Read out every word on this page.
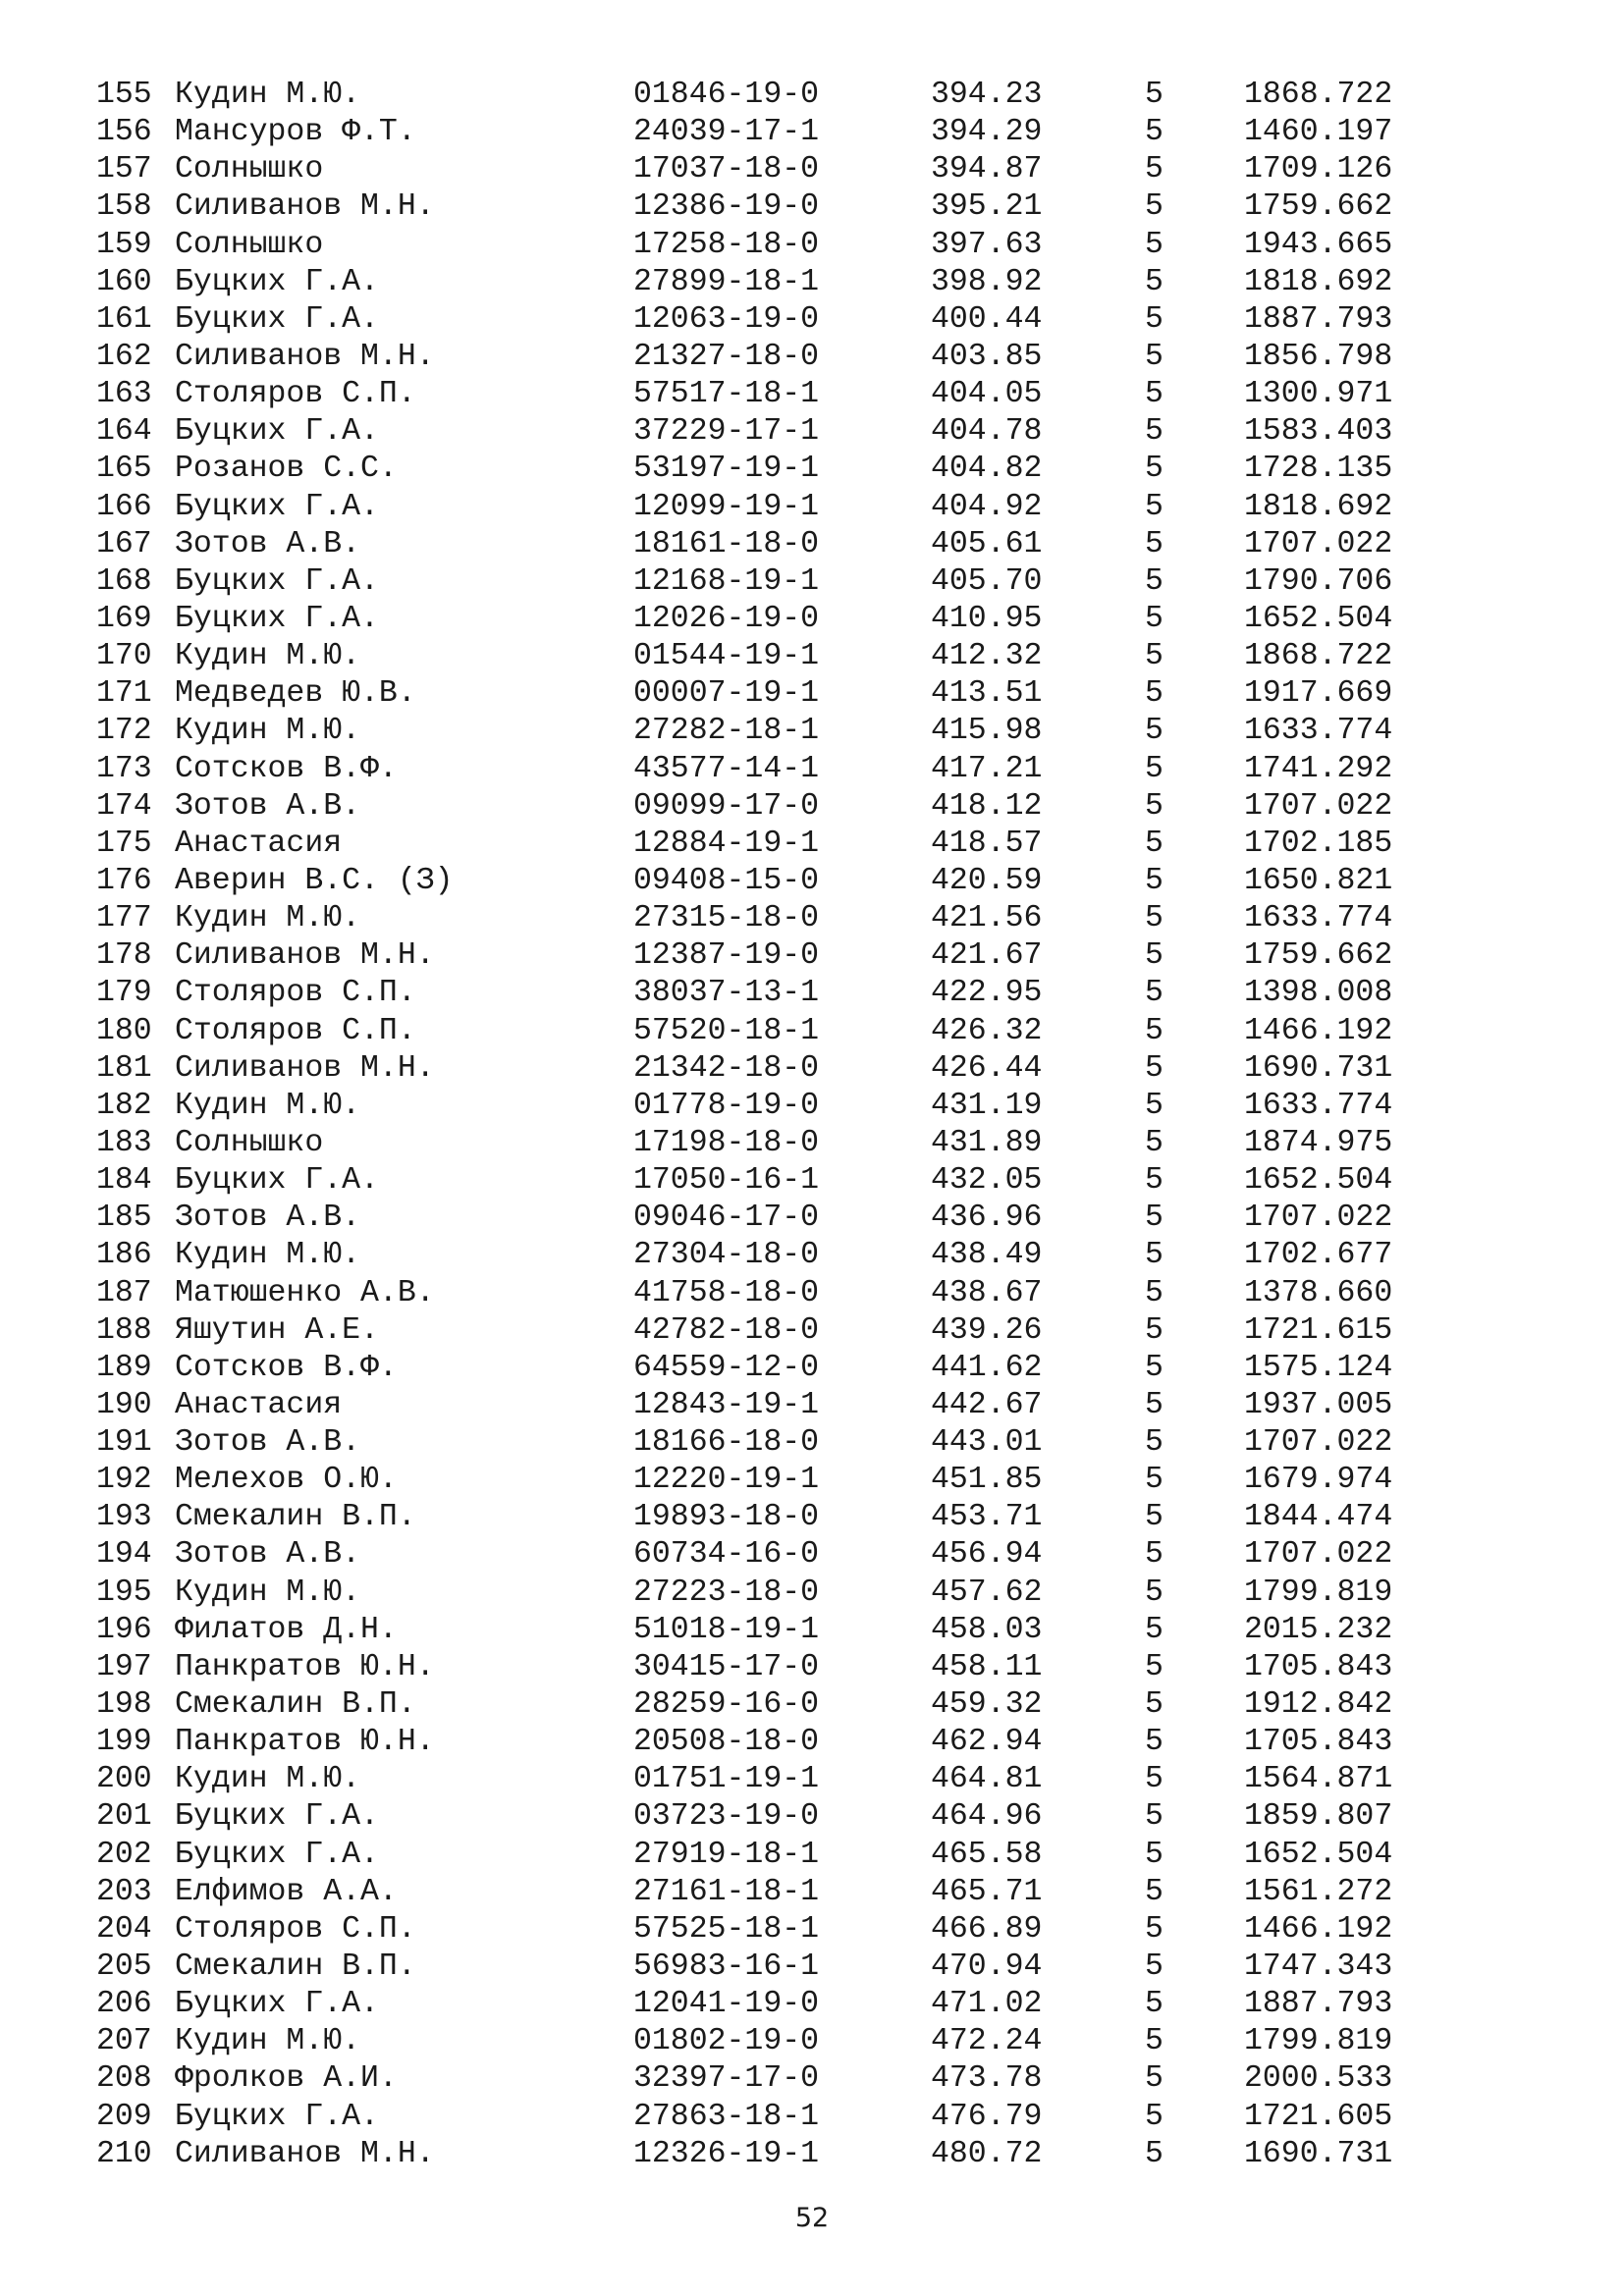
155 Кудин М.Ю.	01846-19-0	394.23	5	1868.722
156 Мансуров Ф.Т.	24039-17-1	394.29	5	1460.197
157 Солнышко	17037-18-0	394.87	5	1709.126
158 Силиванов М.Н.	12386-19-0	395.21	5	1759.662
159 Солнышко	17258-18-0	397.63	5	1943.665
160 Буцких Г.А.	27899-18-1	398.92	5	1818.692
161 Буцких Г.А.	12063-19-0	400.44	5	1887.793
162 Силиванов М.Н.	21327-18-0	403.85	5	1856.798
163 Столяров С.П.	57517-18-1	404.05	5	1300.971
164 Буцких Г.А.	37229-17-1	404.78	5	1583.403
165 Розанов С.С.	53197-19-1	404.82	5	1728.135
166 Буцких Г.А.	12099-19-1	404.92	5	1818.692
167 Зотов А.В.	18161-18-0	405.61	5	1707.022
168 Буцких Г.А.	12168-19-1	405.70	5	1790.706
169 Буцких Г.А.	12026-19-0	410.95	5	1652.504
170 Кудин М.Ю.	01544-19-1	412.32	5	1868.722
171 Медведев Ю.В.	00007-19-1	413.51	5	1917.669
172 Кудин М.Ю.	27282-18-1	415.98	5	1633.774
173 Сотсков В.Ф.	43577-14-1	417.21	5	1741.292
174 Зотов А.В.	09099-17-0	418.12	5	1707.022
175 Анастасия	12884-19-1	418.57	5	1702.185
176 Аверин В.С. (З)	09408-15-0	420.59	5	1650.821
177 Кудин М.Ю.	27315-18-0	421.56	5	1633.774
178 Силиванов М.Н.	12387-19-0	421.67	5	1759.662
179 Столяров С.П.	38037-13-1	422.95	5	1398.008
180 Столяров С.П.	57520-18-1	426.32	5	1466.192
181 Силиванов М.Н.	21342-18-0	426.44	5	1690.731
182 Кудин М.Ю.	01778-19-0	431.19	5	1633.774
183 Солнышко	17198-18-0	431.89	5	1874.975
184 Буцких Г.А.	17050-16-1	432.05	5	1652.504
185 Зотов А.В.	09046-17-0	436.96	5	1707.022
186 Кудин М.Ю.	27304-18-0	438.49	5	1702.677
187 Матюшенко А.В.	41758-18-0	438.67	5	1378.660
188 Яшутин А.Е.	42782-18-0	439.26	5	1721.615
189 Сотсков В.Ф.	64559-12-0	441.62	5	1575.124
190 Анастасия	12843-19-1	442.67	5	1937.005
191 Зотов А.В.	18166-18-0	443.01	5	1707.022
192 Мелехов О.Ю.	12220-19-1	451.85	5	1679.974
193 Смекалин В.П.	19893-18-0	453.71	5	1844.474
194 Зотов А.В.	60734-16-0	456.94	5	1707.022
195 Кудин М.Ю.	27223-18-0	457.62	5	1799.819
196 Филатов Д.Н.	51018-19-1	458.03	5	2015.232
197 Панкратов Ю.Н.	30415-17-0	458.11	5	1705.843
198 Смекалин В.П.	28259-16-0	459.32	5	1912.842
199 Панкратов Ю.Н.	20508-18-0	462.94	5	1705.843
200 Кудин М.Ю.	01751-19-1	464.81	5	1564.871
201 Буцких Г.А.	03723-19-0	464.96	5	1859.807
202 Буцких Г.А.	27919-18-1	465.58	5	1652.504
203 Елфимов А.А.	27161-18-1	465.71	5	1561.272
204 Столяров С.П.	57525-18-1	466.89	5	1466.192
205 Смекалин В.П.	56983-16-1	470.94	5	1747.343
206 Буцких Г.А.	12041-19-0	471.02	5	1887.793
207 Кудин М.Ю.	01802-19-0	472.24	5	1799.819
208 Фролков А.И.	32397-17-0	473.78	5	2000.533
209 Буцких Г.А.	27863-18-1	476.79	5	1721.605
210 Силиванов М.Н.	12326-19-1	480.72	5	1690.731
52
